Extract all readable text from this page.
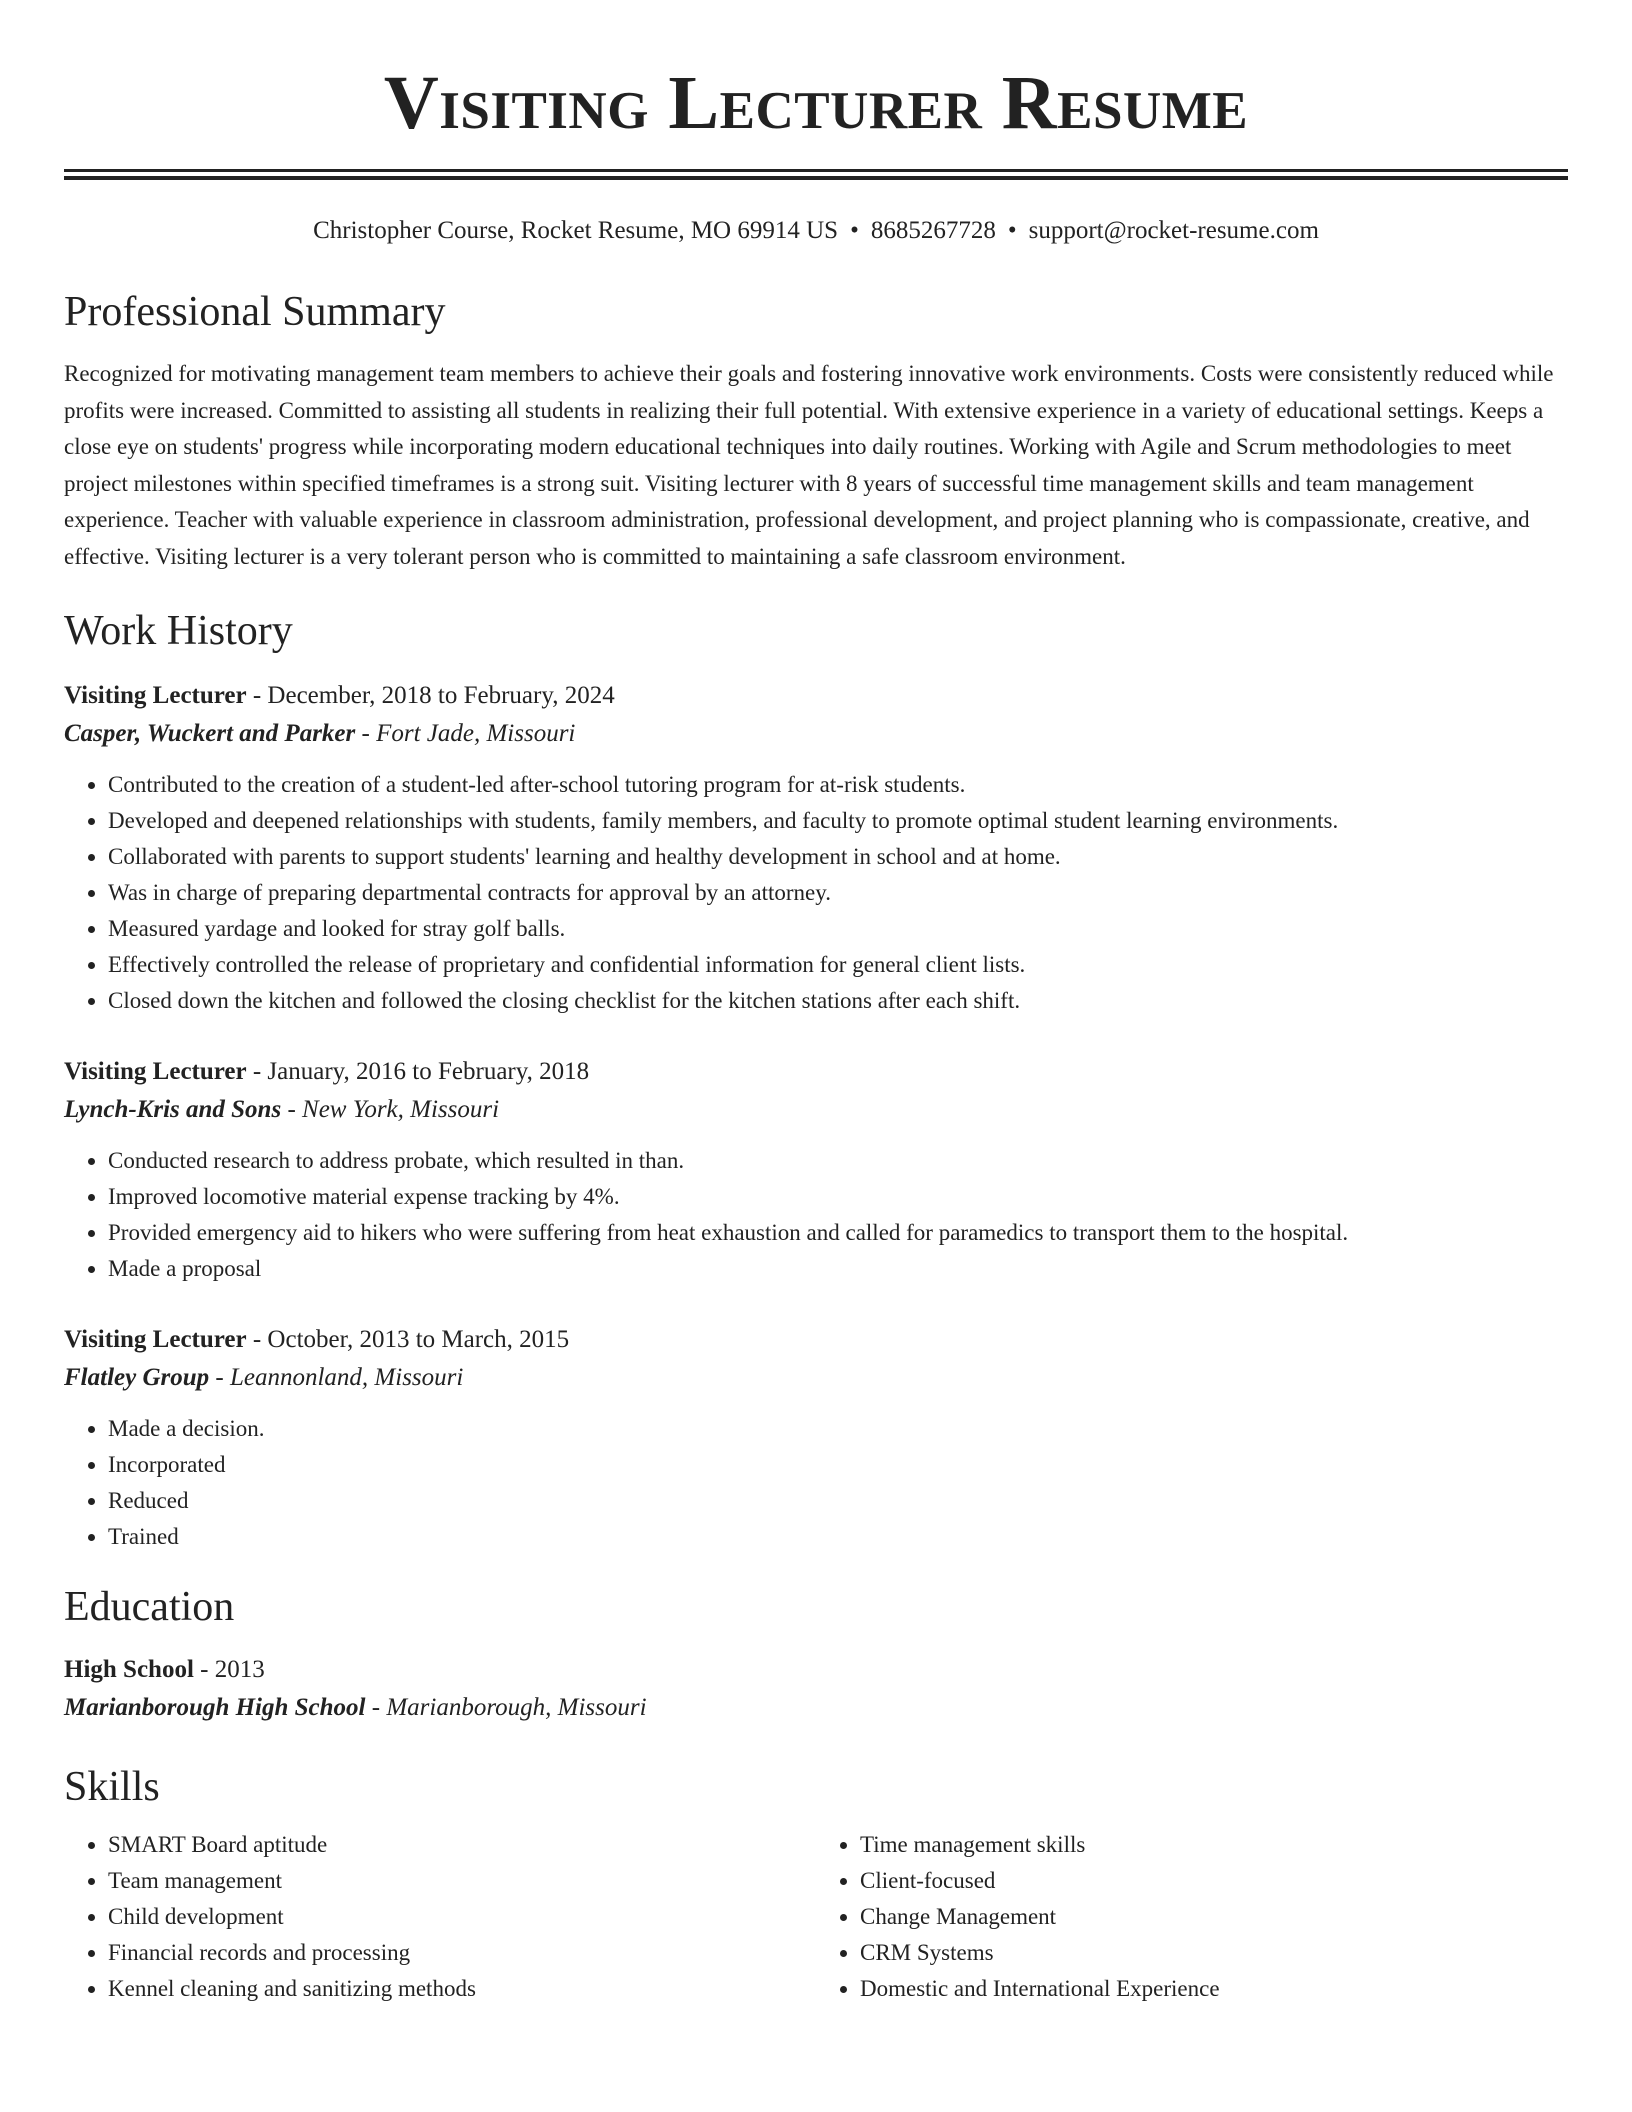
Visiting Lecturer Resume
Christopher Course, Rocket Resume, MO 69914 US • 8685267728 • support@rocket-resume.com
Professional Summary

Recognized for motivating management team members to achieve their goals and fostering innovative work environments. Costs were consistently reduced while profits were increased. Committed to assisting all students in realizing their full potential. With extensive experience in a variety of educational settings. Keeps a close eye on students' progress while incorporating modern educational techniques into daily routines. Working with Agile and Scrum methodologies to meet project milestones within specified timeframes is a strong suit. Visiting lecturer with 8 years of successful time management skills and team management experience. Teacher with valuable experience in classroom administration, professional development, and project planning who is compassionate, creative, and effective. Visiting lecturer is a very tolerant person who is committed to maintaining a safe classroom environment.

Work History
Visiting Lecturer - December, 2018 to February, 2024
Casper, Wuckert and Parker - Fort Jade, Missouri
• Contributed to the creation of a student-led after-school tutoring program for at-risk students.
• Developed and deepened relationships with students, family members, and faculty to promote optimal student learning environments.
• Collaborated with parents to support students' learning and healthy development in school and at home.
• Was in charge of preparing departmental contracts for approval by an attorney.
• Measured yardage and looked for stray golf balls.
• Effectively controlled the release of proprietary and confidential information for general client lists.
• Closed down the kitchen and followed the closing checklist for the kitchen stations after each shift.
Visiting Lecturer - January, 2016 to February, 2018
Lynch-Kris and Sons - New York, Missouri
• Conducted research to address probate, which resulted in than.
• Improved locomotive material expense tracking by 4%.
• Provided emergency aid to hikers who were suffering from heat exhaustion and called for paramedics to transport them to the hospital.
• Made a proposal
Visiting Lecturer - October, 2013 to March, 2015
Flatley Group - Leannonland, Missouri
• Made a decision.
• Incorporated
• Reduced
• Trained
Education
High School - 2013
Marianborough High School - Marianborough, Missouri
Skills
• SMART Board aptitude
• Team management
• Child development
• Financial records and processing
• Kennel cleaning and sanitizing methods
• Time management skills
• Client-focused
• Change Management
• CRM Systems
• Domestic and International Experience
